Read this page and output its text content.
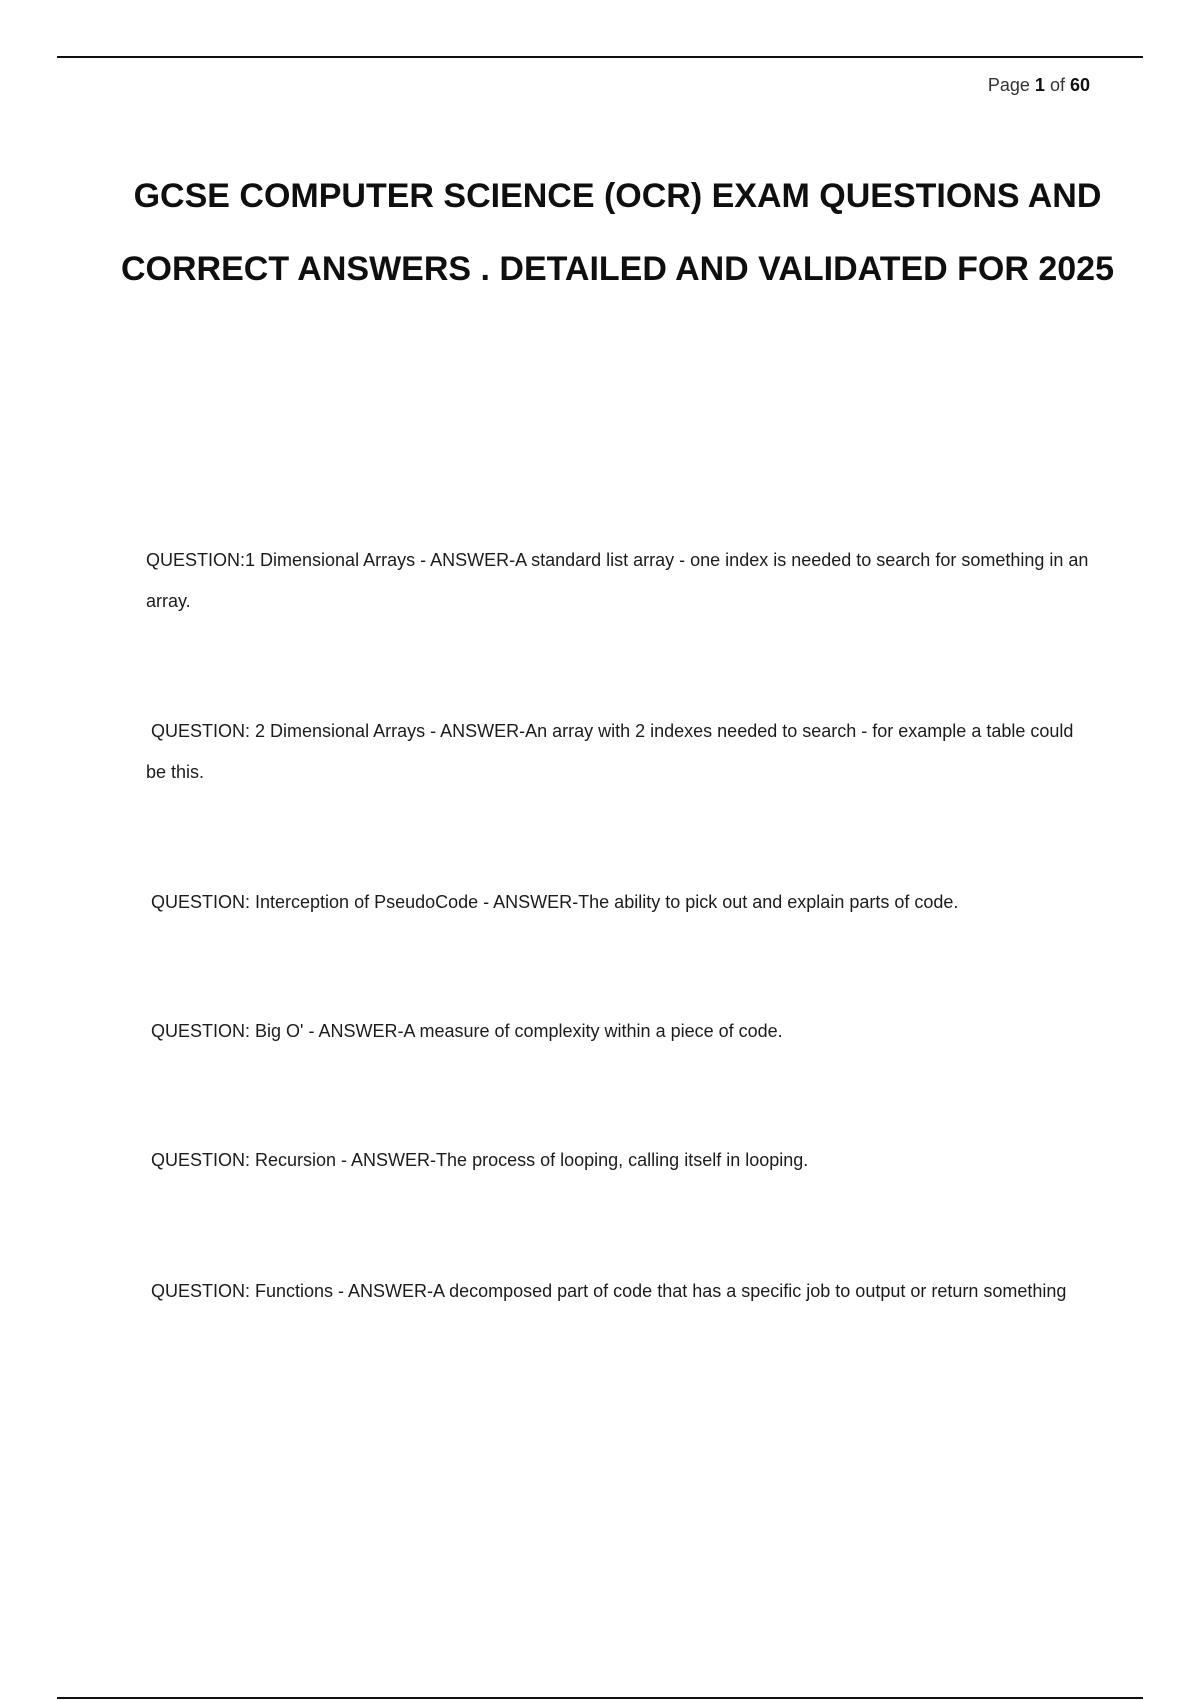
Page 1 of 60
GCSE COMPUTER SCIENCE (OCR) EXAM QUESTIONS AND CORRECT ANSWERS . DETAILED AND VALIDATED FOR 2025

QUESTION:1 Dimensional Arrays - ANSWER-A standard list array - one index is needed to search for something in an array.

QUESTION: 2 Dimensional Arrays - ANSWER-An array with 2 indexes needed to search - for example a table could be this.

QUESTION: Interception of PseudoCode - ANSWER-The ability to pick out and explain parts of code.

QUESTION: Big O' - ANSWER-A measure of complexity within a piece of code.

QUESTION: Recursion - ANSWER-The process of looping, calling itself in looping.

QUESTION: Functions - ANSWER-A decomposed part of code that has a specific job to output or return something
